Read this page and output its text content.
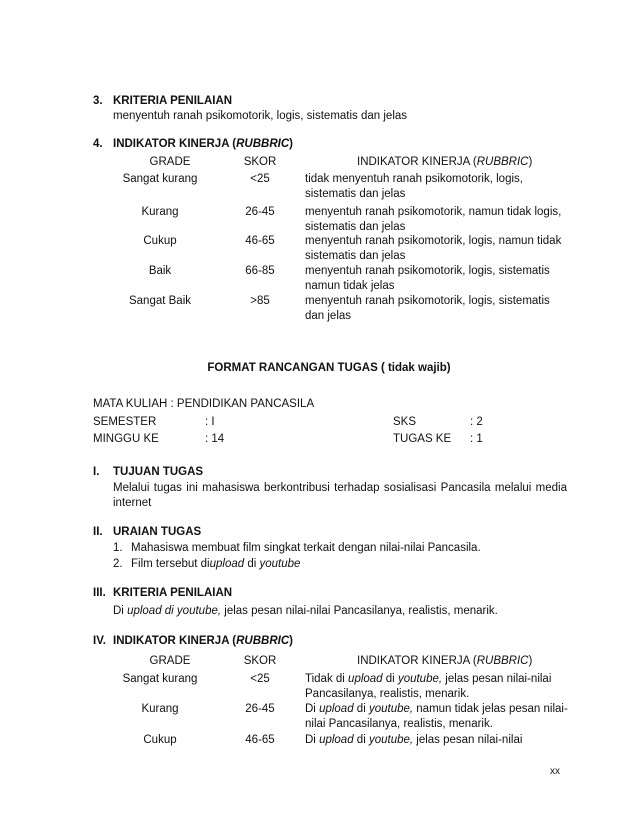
3. KRITERIA PENILAIAN
menyentuh ranah psikomotorik, logis, sistematis dan jelas
4. INDIKATOR KINERJA (RUBBRIC)
GRADE	SKOR	INDIKATOR KINERJA (RUBBRIC)
Sangat kurang	<25	tidak menyentuh ranah psikomotorik, logis,
sistematis dan jelas
Kurang	26-45	menyentuh ranah psikomotorik, namun tidak logis,
sistematis dan jelas
Cukup	46-65	menyentuh ranah psikomotorik, logis, namun tidak
sistematis dan jelas
Baik	66-85	menyentuh ranah psikomotorik, logis, sistematis
namun tidak jelas
Sangat Baik	>85	menyentuh ranah psikomotorik, logis, sistematis
dan jelas
FORMAT RANCANGAN TUGAS ( tidak wajib)
MATA KULIAH : PENDIDIKAN PANCASILA
SEMESTER	: I	SKS	: 2
MINGGU KE	: 14	TUGAS KE : 1
I. TUJUAN TUGAS
Melalui tugas ini mahasiswa berkontribusi terhadap sosialisasi Pancasila melalui media internet
II. URAIAN TUGAS
1. Mahasiswa membuat film singkat terkait dengan nilai-nilai Pancasila.
2. Film tersebut diupload di youtube
III. KRITERIA PENILAIAN
Di upload di youtube, jelas pesan nilai-nilai Pancasilanya, realistis, menarik.
IV. INDIKATOR KINERJA (RUBBRIC)
GRADE	SKOR	INDIKATOR KINERJA (RUBBRIC)
Sangat kurang	<25	Tidak di upload di youtube, jelas pesan nilai-nilai
Pancasilanya, realistis, menarik.
Kurang	26-45	Di upload di youtube, namun tidak jelas pesan nilai-
nilai Pancasilanya, realistis, menarik.
Cukup	46-65	Di upload di youtube, jelas pesan nilai-nilai
xx
